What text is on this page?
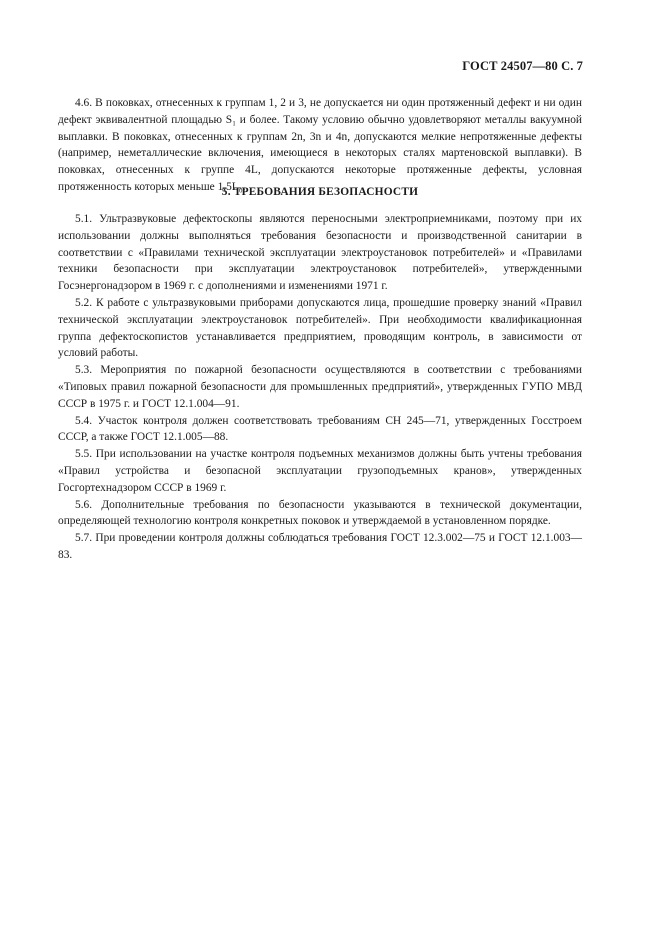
ГОСТ 24507—80 С. 7

4.6. В поковках, отнесенных к группам 1, 2 и 3, не допускается ни один протяженный дефект и ни один дефект эквивалентной площадью S₁ и более. Такому условию обычно удовлетворяют металлы вакуумной выплавки. В поковках, отнесенных к группам 2n, 3n и 4n, допускаются мелкие непротяженные дефекты (например, неметаллические включения, имеющиеся в некоторых сталях мартеновской выплавки). В поковках, отнесенных к группе 4L, допускаются некоторые протяженные дефекты, условная протяженность которых меньше 1,5L₀.

5. ТРЕБОВАНИЯ БЕЗОПАСНОСТИ

5.1. Ультразвуковые дефектоскопы являются переносными электроприемниками, поэтому при их использовании должны выполняться требования безопасности и производственной санитарии в соответствии с «Правилами технической эксплуатации электроустановок потребителей» и «Правилами техники безопасности при эксплуатации электроустановок потребителей», утвержденными Госэнергонадзором в 1969 г. с дополнениями и изменениями 1971 г.

5.2. К работе с ультразвуковыми приборами допускаются лица, прошедшие проверку знаний «Правил технической эксплуатации электроустановок потребителей». При необходимости квалификационная группа дефектоскопистов устанавливается предприятием, проводящим контроль, в зависимости от условий работы.

5.3. Мероприятия по пожарной безопасности осуществляются в соответствии с требованиями «Типовых правил пожарной безопасности для промышленных предприятий», утвержденных ГУПО МВД СССР в 1975 г. и ГОСТ 12.1.004—91.

5.4. Участок контроля должен соответствовать требованиям СН 245—71, утвержденных Госстроем СССР, а также ГОСТ 12.1.005—88.

5.5. При использовании на участке контроля подъемных механизмов должны быть учтены требования «Правил устройства и безопасной эксплуатации грузоподъемных кранов», утвержденных Госгортехнадзором СССР в 1969 г.

5.6. Дополнительные требования по безопасности указываются в технической документации, определяющей технологию контроля конкретных поковок и утверждаемой в установленном порядке.

5.7. При проведении контроля должны соблюдаться требования ГОСТ 12.3.002—75 и ГОСТ 12.1.003—83.
